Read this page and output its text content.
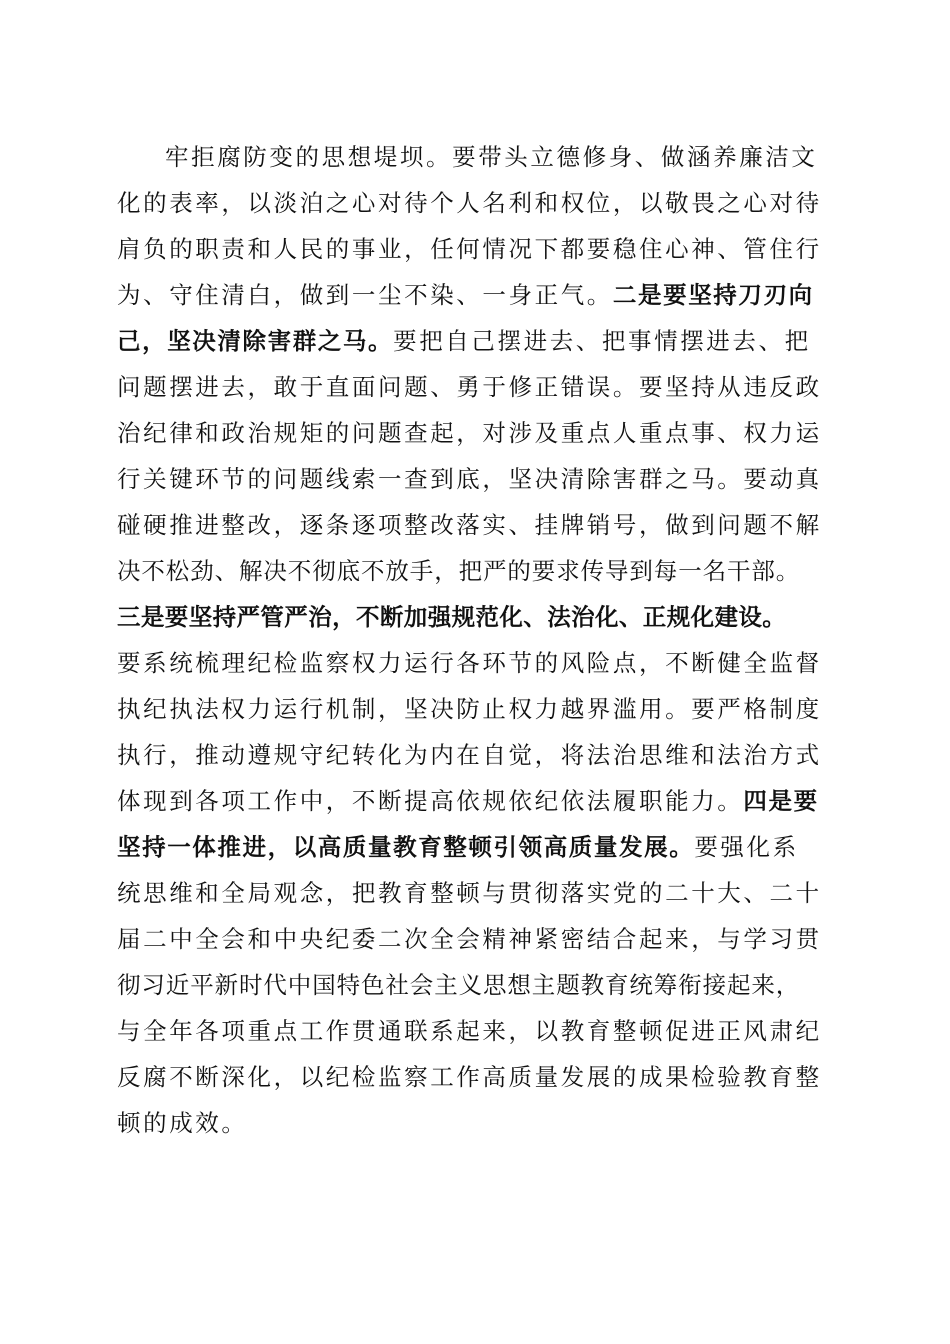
牢拒腐防变的思想堤坝。要带头立德修身、做涵养廉洁文
化的表率，以淡泊之心对待个人名利和权位，以敬畏之心对待
肩负的职责和人民的事业，任何情况下都要稳住心神、管住行
为、守住清白，做到一尘不染、一身正气。二是要坚持刀刃向
己，坚决清除害群之马。要把自己摆进去、把事情摆进去、把
问题摆进去，敢于直面问题、勇于修正错误。要坚持从违反政
治纪律和政治规矩的问题查起，对涉及重点人重点事、权力运
行关键环节的问题线索一查到底，坚决清除害群之马。要动真
碰硬推进整改，逐条逐项整改落实、挂牌销号，做到问题不解
决不松劲、解决不彻底不放手，把严的要求传导到每一名干部。
三是要坚持严管严治，不断加强规范化、法治化、正规化建设。
要系统梳理纪检监察权力运行各环节的风险点，不断健全监督
执纪执法权力运行机制，坚决防止权力越界滥用。要严格制度
执行，推动遵规守纪转化为内在自觉，将法治思维和法治方式
体现到各项工作中，不断提高依规依纪依法履职能力。四是要
坚持一体推进，以高质量教育整顿引领高质量发展。要强化系
统思维和全局观念，把教育整顿与贯彻落实党的二十大、二十
届二中全会和中央纪委二次全会精神紧密结合起来，与学习贯
彻习近平新时代中国特色社会主义思想主题教育统筹衔接起来，
与全年各项重点工作贯通联系起来，以教育整顿促进正风肃纪
反腐不断深化，以纪检监察工作高质量发展的成果检验教育整
顿的成效。
